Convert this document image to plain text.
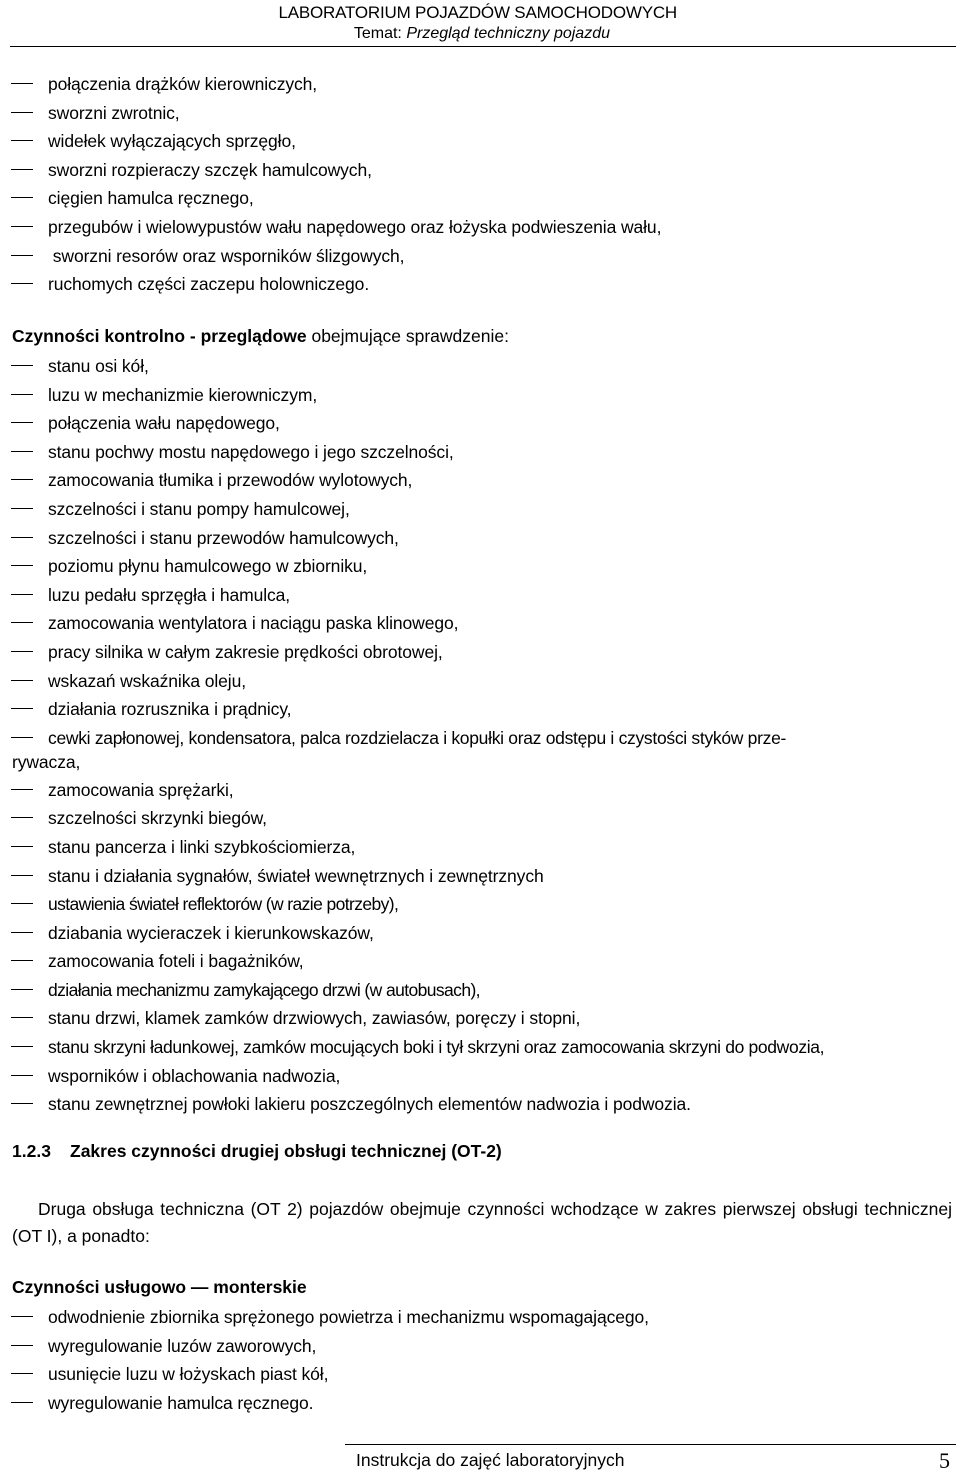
LABORATORIUM POJAZDÓW SAMOCHODOWYCH
Temat: Przegląd techniczny pojazdu
połączenia drążków kierowniczych,
sworzni zwrotnic,
widełek wyłączających sprzęgło,
sworzni rozpieraczy szczęk hamulcowych,
cięgien hamulca ręcznego,
przegubów i wielowypustów wału napędowego oraz łożyska podwieszenia wału,
sworzni resorów oraz wsporników ślizgowych,
ruchomych części zaczepu holowniczego.
Czynności kontrolno - przeglądowe obejmujące sprawdzenie:
stanu osi kół,
luzu w mechanizmie kierowniczym,
połączenia wału napędowego,
stanu pochwy mostu napędowego i jego szczelności,
zamocowania tłumika i przewodów wylotowych,
szczelności i stanu pompy hamulcowej,
szczelności i stanu przewodów hamulcowych,
poziomu płynu hamulcowego w zbiorniku,
luzu pedału sprzęgła i hamulca,
zamocowania wentylatora i naciągu paska klinowego,
pracy silnika w całym zakresie prędkości obrotowej,
wskazań wskaźnika oleju,
działania rozrusznika i prądnicy,
cewki zapłonowej, kondensatora, palca rozdzielacza i kopułki oraz odstępu i czystości styków prze-
rywacza,
zamocowania sprężarki,
szczelności skrzynki biegów,
stanu pancerza i linki szybkościomierza,
stanu i działania sygnałów, świateł wewnętrznych i zewnętrznych
ustawienia świateł reflektorów (w razie potrzeby),
dziabania wycieraczek i kierunkowskazów,
zamocowania foteli i bagażników,
działania mechanizmu zamykającego drzwi (w autobusach),
stanu drzwi, klamek zamków drzwiowych, zawiasów, poręczy i stopni,
stanu skrzyni ładunkowej, zamków mocujących boki i tył skrzyni oraz zamocowania skrzyni do podwozia,
wsporników i oblachowania nadwozia,
stanu zewnętrznej powłoki lakieru poszczególnych elementów nadwozia i podwozia.
1.2.3 Zakres czynności drugiej obsługi technicznej (OT-2)
Druga obsługa techniczna (OT 2) pojazdów obejmuje czynności wchodzące w zakres pierwszej obsługi technicznej (OT I), a ponadto:
Czynności usługowo — monterskie
odwodnienie zbiornika sprężonego powietrza i mechanizmu wspomagającego,
wyregulowanie luzów zaworowych,
usunięcie luzu w łożyskach piast kół,
wyregulowanie hamulca ręcznego.
Instrukcja do zajęć laboratoryjnych	5
